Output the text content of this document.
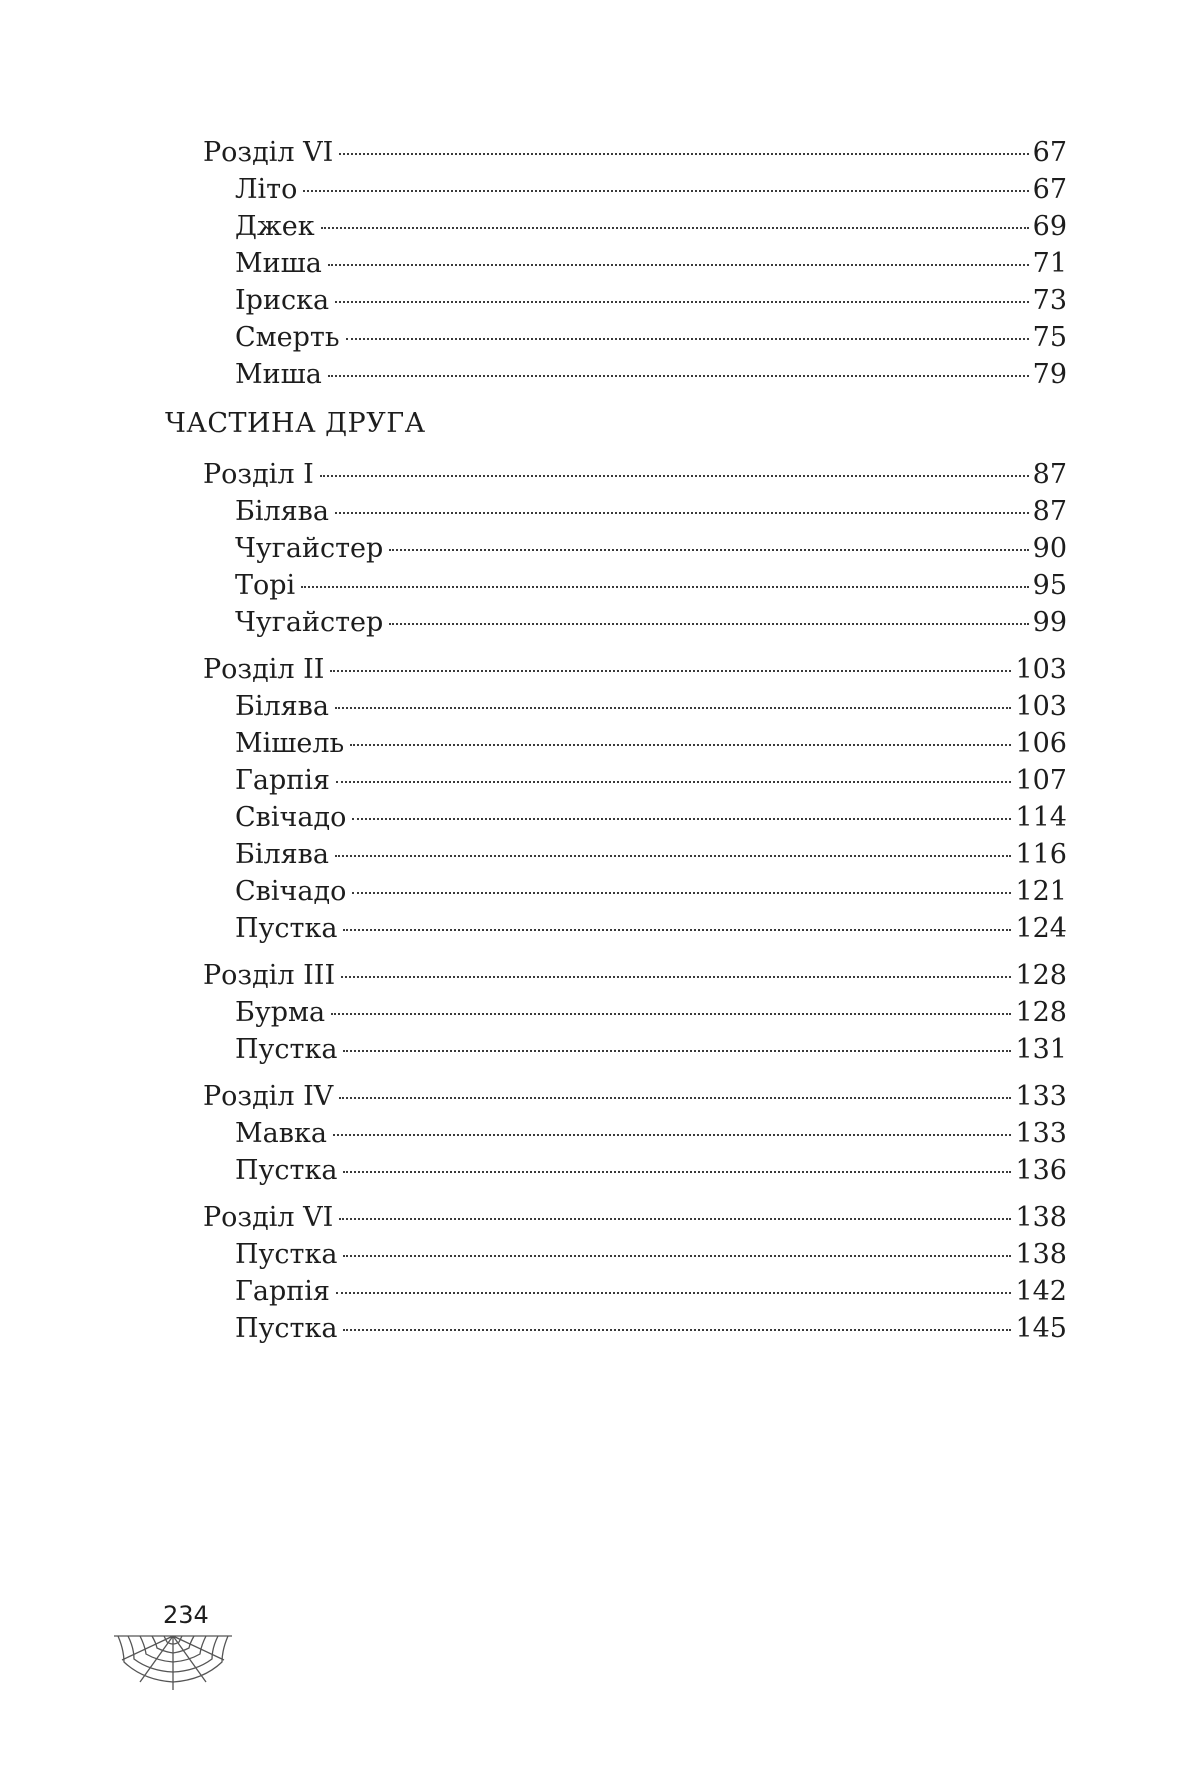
Розділ VI	67
Літо	67
Джек	69
Миша	71
Іриска	73
Смерть	75
Миша	79
ЧАСТИНА ДРУГА
Розділ І	87
Білява	87
Чугайстер	90
Торі	95
Чугайстер	99
Розділ ІІ	103
Білява	103
Мішель	106
Гарпія	107
Свічадо	114
Білява	116
Свічадо	121
Пустка	124
Розділ ІІІ	128
Бурма	128
Пустка	131
Розділ IV	133
Мавка	133
Пустка	136
Розділ VI	138
Пустка	138
Гарпія	142
Пустка	145
234
